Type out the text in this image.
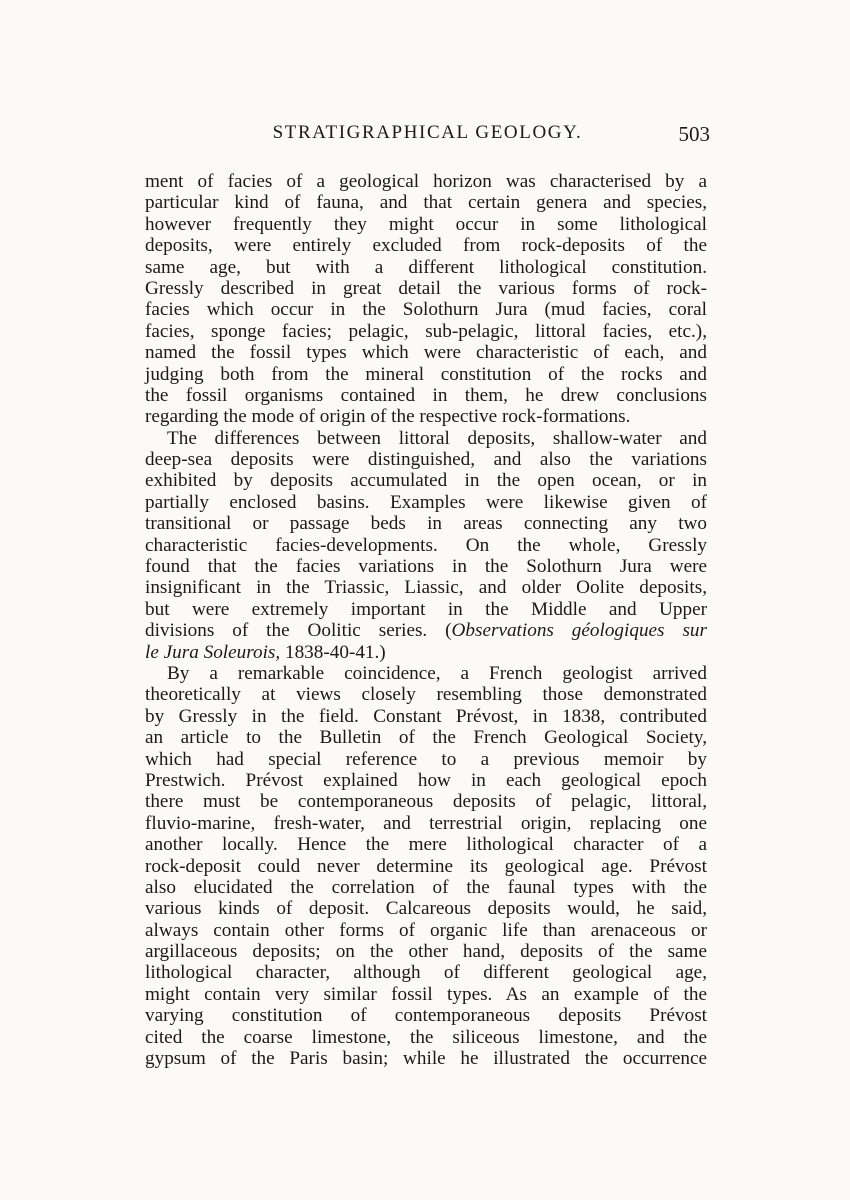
STRATIGRAPHICAL GEOLOGY.	503
ment of facies of a geological horizon was characterised by a
particular kind of fauna, and that certain genera and species,
however frequently they might occur in some lithological
deposits, were entirely excluded from rock-deposits of the
same age, but with a different lithological constitution.
Gressly described in great detail the various forms of rock-
facies which occur in the Solothurn Jura (mud facies, coral
facies, sponge facies; pelagic, sub-pelagic, littoral facies, etc.),
named the fossil types which were characteristic of each, and
judging both from the mineral constitution of the rocks and
the fossil organisms contained in them, he drew conclusions
regarding the mode of origin of the respective rock-formations.
The differences between littoral deposits, shallow-water and
deep-sea deposits were distinguished, and also the variations
exhibited by deposits accumulated in the open ocean, or in
partially enclosed basins. Examples were likewise given of
transitional or passage beds in areas connecting any two
characteristic facies-developments. On the whole, Gressly
found that the facies variations in the Solothurn Jura were
insignificant in the Triassic, Liassic, and older Oolite deposits,
but were extremely important in the Middle and Upper
divisions of the Oolitic series. (Observations géologiques sur
le Jura Soleurois, 1838-40-41.)
By a remarkable coincidence, a French geologist arrived
theoretically at views closely resembling those demonstrated
by Gressly in the field. Constant Prévost, in 1838, contributed
an article to the Bulletin of the French Geological Society,
which had special reference to a previous memoir by
Prestwich. Prévost explained how in each geological epoch
there must be contemporaneous deposits of pelagic, littoral,
fluvio-marine, fresh-water, and terrestrial origin, replacing one
another locally. Hence the mere lithological character of a
rock-deposit could never determine its geological age. Prévost
also elucidated the correlation of the faunal types with the
various kinds of deposit. Calcareous deposits would, he said,
always contain other forms of organic life than arenaceous or
argillaceous deposits; on the other hand, deposits of the same
lithological character, although of different geological age,
might contain very similar fossil types. As an example of the
varying constitution of contemporaneous deposits Prévost
cited the coarse limestone, the siliceous limestone, and the
gypsum of the Paris basin; while he illustrated the occurrence
